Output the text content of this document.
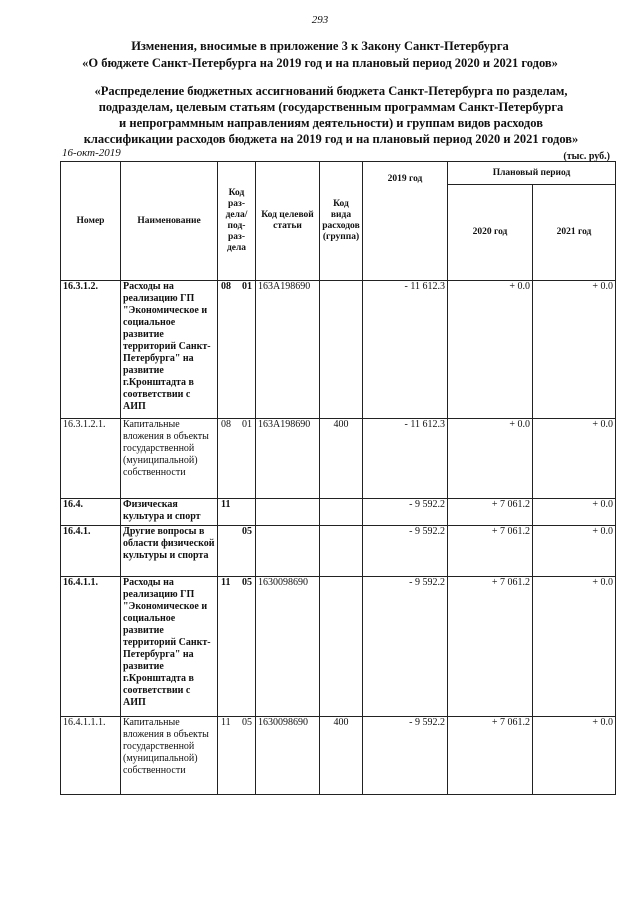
293
Изменения, вносимые в приложение 3 к Закону Санкт-Петербурга
«О бюджете Санкт-Петербурга на 2019 год и на плановый период 2020 и 2021 годов»
«Распределение бюджетных ассигнований бюджета Санкт-Петербурга по разделам,
подразделам, целевым статьям (государственным программам Санкт-Петербурга
и непрограммным направлениям деятельности) и группам видов расходов
классификации расходов бюджета на 2019 год и на плановый период 2020 и 2021 годов»
16-окт-2019	(тыс. руб.)
Номер	Наименование	Код раз- дела/ под- раз- дела	Код целевой статьи	Код вида расходов (группа)	2019 год	Плановый период	
						2020 год	2021 год
16.3.1.2.	Расходы на реализацию ГП "Экономическое и социальное развитие территорий Санкт-Петербурга" на развитие г.Кронштадта в соответствии с АИП	08 01	163А198690		- 11 612.3	+ 0.0	+ 0.0
16.3.1.2.1.	Капитальные вложения в объекты государственной (муниципальной) собственности	08 01	163А198690	400	- 11 612.3	+ 0.0	+ 0.0
16.4.	Физическая культура и спорт	11			- 9 592.2	+ 7 061.2	+ 0.0
16.4.1.	Другие вопросы в области физической культуры и спорта	05			- 9 592.2	+ 7 061.2	+ 0.0
16.4.1.1.	Расходы на реализацию ГП "Экономическое и социальное развитие территорий Санкт-Петербурга" на развитие г.Кронштадта в соответствии с АИП	11 05	1630098690		- 9 592.2	+ 7 061.2	+ 0.0
16.4.1.1.1.	Капитальные вложения в объекты государственной (муниципальной) собственности	11 05	1630098690	400	- 9 592.2	+ 7 061.2	+ 0.0
